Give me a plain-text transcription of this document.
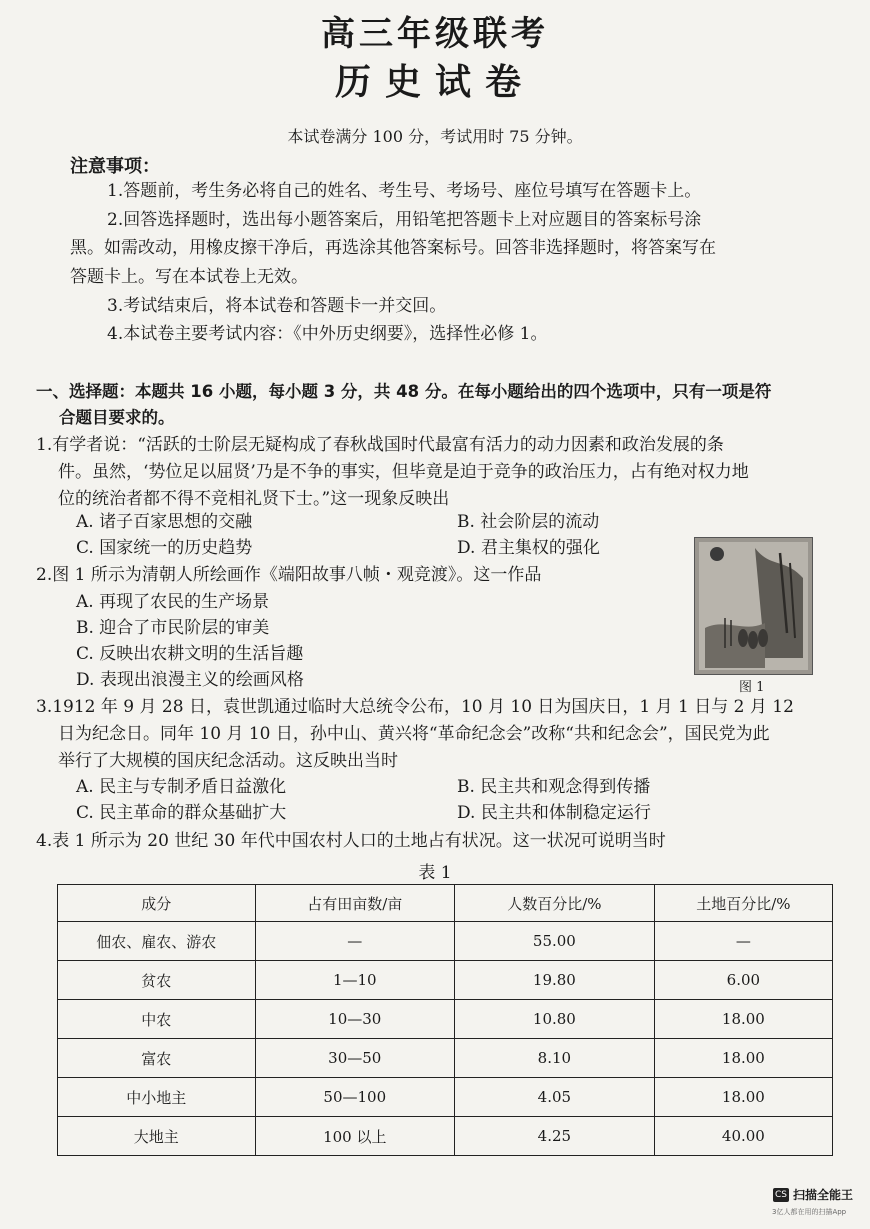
高三年级联考
历史试卷
本试卷满分 100 分，考试用时 75 分钟。
注意事项：
1.答题前，考生务必将自己的姓名、考生号、考场号、座位号填写在答题卡上。
2.回答选择题时，选出每小题答案后，用铅笔把答题卡上对应题目的答案标号涂
黑。如需改动，用橡皮擦干净后，再选涂其他答案标号。回答非选择题时，将答案写在
答题卡上。写在本试卷上无效。
3.考试结束后，将本试卷和答题卡一并交回。
4.本试卷主要考试内容：《中外历史纲要》，选择性必修 1。
一、选择题：本题共 16 小题，每小题 3 分，共 48 分。在每小题给出的四个选项中，只有一项是符
合题目要求的。
1.有学者说：“活跃的士阶层无疑构成了春秋战国时代最富有活力的动力因素和政治发展的条
件。虽然，‘势位足以屈贤’乃是不争的事实，但毕竟是迫于竞争的政治压力，占有绝对权力地
位的统治者都不得不竞相礼贤下士。”这一现象反映出
A. 诸子百家思想的交融	B. 社会阶层的流动
C. 国家统一的历史趋势	D. 君主集权的强化
2.图 1 所示为清朝人所绘画作《端阳故事八帧・观竞渡》。这一作品
A. 再现了农民的生产场景
B. 迎合了市民阶层的审美
C. 反映出农耕文明的生活旨趣
D. 表现出浪漫主义的绘画风格	图 1
3.1912 年 9 月 28 日，袁世凯通过临时大总统令公布，10 月 10 日为国庆日，1 月 1 日与 2 月 12
日为纪念日。同年 10 月 10 日，孙中山、黄兴将“革命纪念会”改称“共和纪念会”，国民党为此
举行了大规模的国庆纪念活动。这反映出当时
A. 民主与专制矛盾日益激化	B. 民主共和观念得到传播
C. 民主革命的群众基础扩大	D. 民主共和体制稳定运行
4.表 1 所示为 20 世纪 30 年代中国农村人口的土地占有状况。这一状况可说明当时
表 1
成分	占有田亩数/亩	人数百分比/%	土地百分比/%
佃农、雇农、游农	—	55.00	—
贫农	1—10	19.80	6.00
中农	10—30	10.80	18.00
富农	30—50	8.10	18.00
中小地主	50—100	4.05	18.00
大地主	100 以上	4.25	40.00
CS 扫描全能王
3亿人都在用的扫描App
